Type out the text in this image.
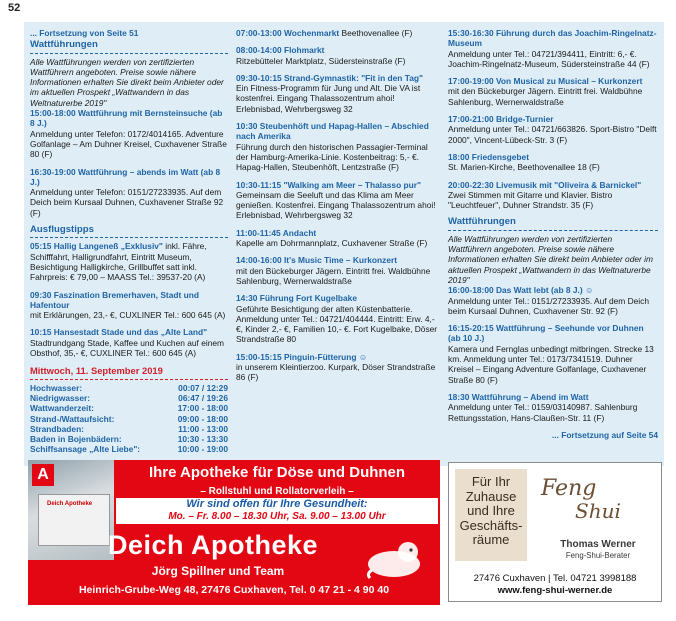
52

... Fortsetzung von Seite 51

Wattführungen

Alle Wattführungen werden von zertifizierten Wattführern angeboten. Preise sowie nähere Informationen erhalten Sie direkt beim Anbieter oder im aktuellen Prospekt „Wattwandern in das Weltnaturerbe 2019"

15:00-18:00 Wattführung mit Bernsteinsuche (ab 8 J.)

Anmeldung unter Telefon: 0172/4014165. Adventure Golfanlage – Am Duhner Kreisel, Cuxhavener Straße 80 (F)

16:30-19:00 Wattführung – abends im Watt (ab 8 J.)

Anmeldung unter Telefon: 0151/27233935. Auf dem Deich beim Kursaal Duhnen, Cuxhavener Straße 92 (F)

Ausflugstipps

05:15 Hallig Langeneß „Exklusiv" inkl. Fähre, Schifffahrt, Halligrundfahrt, Eintritt Museum, Besichtigung Halligkirche, Grillbuffet satt inkl. Fahrpreis: € 79,00 – MAASS Tel.: 39537-20 (A)

09:30 Faszination Bremerhaven, Stadt und Hafentour

mit Erklärungen, 23,- €, CUXLINER Tel.: 600 645 (A)

10:15 Hansestadt Stade und das „Alte Land"

Stadtrundgang Stade, Kaffee und Kuchen auf einem Obsthof, 35,- €, CUXLINER Tel.: 600 645 (A)

Mittwoch, 11. September 2019
Hochwasser:	00:07 / 12:29
Niedrigwasser:	06:47 / 19:26
Wattwanderzeit:	17:00 - 18:00
Strand-/Wattaufsicht:	09:00 - 18:00
Strandbaden:	11:00 - 13:00
Baden in Bojenbädern:	10:30 - 13:30
Schiffsansage „Alte Liebe":	10:00 - 19:00

07:00-13:00 Wochenmarkt Beethovenallee (F)

08:00-14:00 Flohmarkt

Ritzebütteler Marktplatz, Südersteinstraße (F)

09:30-10:15 Strand-Gymnastik: "Fit in den Tag"

Ein Fitness-Programm für Jung und Alt. Die VA ist kostenfrei. Eingang Thalassozentrum ahoi! Erlebnisbad, Wehrbergsweg 32

10:30 Steubenhöft und Hapag-Hallen – Abschied nach Amerika

Führung durch den historischen Passagier-Terminal der Hamburg-Amerika-Linie. Kostenbeitrag: 5,- €. Hapag-Hallen, Steubenhöft, Lentzstraße (F)

10:30-11:15 "Walking am Meer – Thalasso pur"

Gemeinsam die Seeluft und das Klima am Meer genießen. Kostenfrei. Eingang Thalassozentrum ahoi! Erlebnisbad, Wehrbergsweg 32

11:00-11:45 Andacht

Kapelle am Dohrmannplatz, Cuxhavener Straße (F)

14:00-16:00 It's Music Time – Kurkonzert

mit den Bückeburger Jägern. Eintritt frei. Waldbühne Sahlenburg, Wernerwaldstraße

14:30 Führung Fort Kugelbake

Geführte Besichtigung der alten Küstenbatterie. Anmeldung unter Tel.: 04721/404444. Eintritt: Erw. 4,- €, Kinder 2,- €, Familien 10,- €. Fort Kugelbake, Döser Strandstraße 80

15:00-15:15 Pinguin-Fütterung ☺

in unserem Kleintierzoo. Kurpark, Döser Strandstraße 86 (F)

15:30-16:30 Führung durch das Joachim-Ringelnatz-Museum

Anmeldung unter Tel.: 04721/394411, Eintritt: 6,- €. Joachim-Ringelnatz-Museum, Südersteinstraße 44 (F)

17:00-19:00 Von Musical zu Musical – Kurkonzert

mit den Bückeburger Jägern. Eintritt frei. Waldbühne Sahlenburg, Wernerwaldstraße

17:00-21:00 Bridge-Turnier

Anmeldung unter Tel.: 04721/663826. Sport-Bistro "Delft 2000", Vincent-Lübeck-Str. 3 (F)

18:00 Friedensgebet

St. Marien-Kirche, Beethovenallee 18 (F)

20:00-22:30 Livemusik mit "Oliveira & Barnickel"

Zwei Stimmen mit Gitarre und Klavier. Bistro "Leuchtfeuer", Duhner Strandstr. 35 (F)

Wattführungen

Alle Wattführungen werden von zertifizierten Wattführern angeboten. Preise sowie nähere Informationen erhalten Sie direkt beim Anbieter oder im aktuellen Prospekt „Wattwandern in das Weltnaturerbe 2019"

16:00-18:00 Das Watt lebt (ab 8 J.) ☺

Anmeldung unter Tel.: 0151/27233935. Auf dem Deich beim Kursaal Duhnen, Cuxhavener Str. 92 (F)

16:15-20:15 Wattführung – Seehunde vor Duhnen (ab 10 J.)

Kamera und Fernglas unbedingt mitbringen. Strecke 13 km. Anmeldung unter Tel.: 0173/7341519. Duhner Kreisel – Eingang Adventure Golfanlage, Cuxhavener Straße 80 (F)

18:30 Wattführung – Abend im Watt

Anmeldung unter Tel.: 0159/03140987. Sahlenburg Rettungsstation, Hans-Claußen-Str. 11 (F)

... Fortsetzung auf Seite 54

A
Deich Apotheke
Ihre Apotheke für Döse und Duhnen
– Rollstuhl und Rollatorverleih –
Wir sind offen für Ihre Gesundheit:
Mo. – Fr. 8.00 – 18.30 Uhr, Sa. 9.00 – 13.00 Uhr
Deich Apotheke
Jörg Spillner und Team
Heinrich-Grube-Weg 48, 27476 Cuxhaven, Tel. 0 47 21 - 4 90 40
Für Ihr Zuhause und Ihre Geschäfts-räume
Feng
Shui
Thomas Werner
Feng-Shui-Berater
27476 Cuxhaven | Tel. 04721 3998188
www.feng-shui-werner.de
